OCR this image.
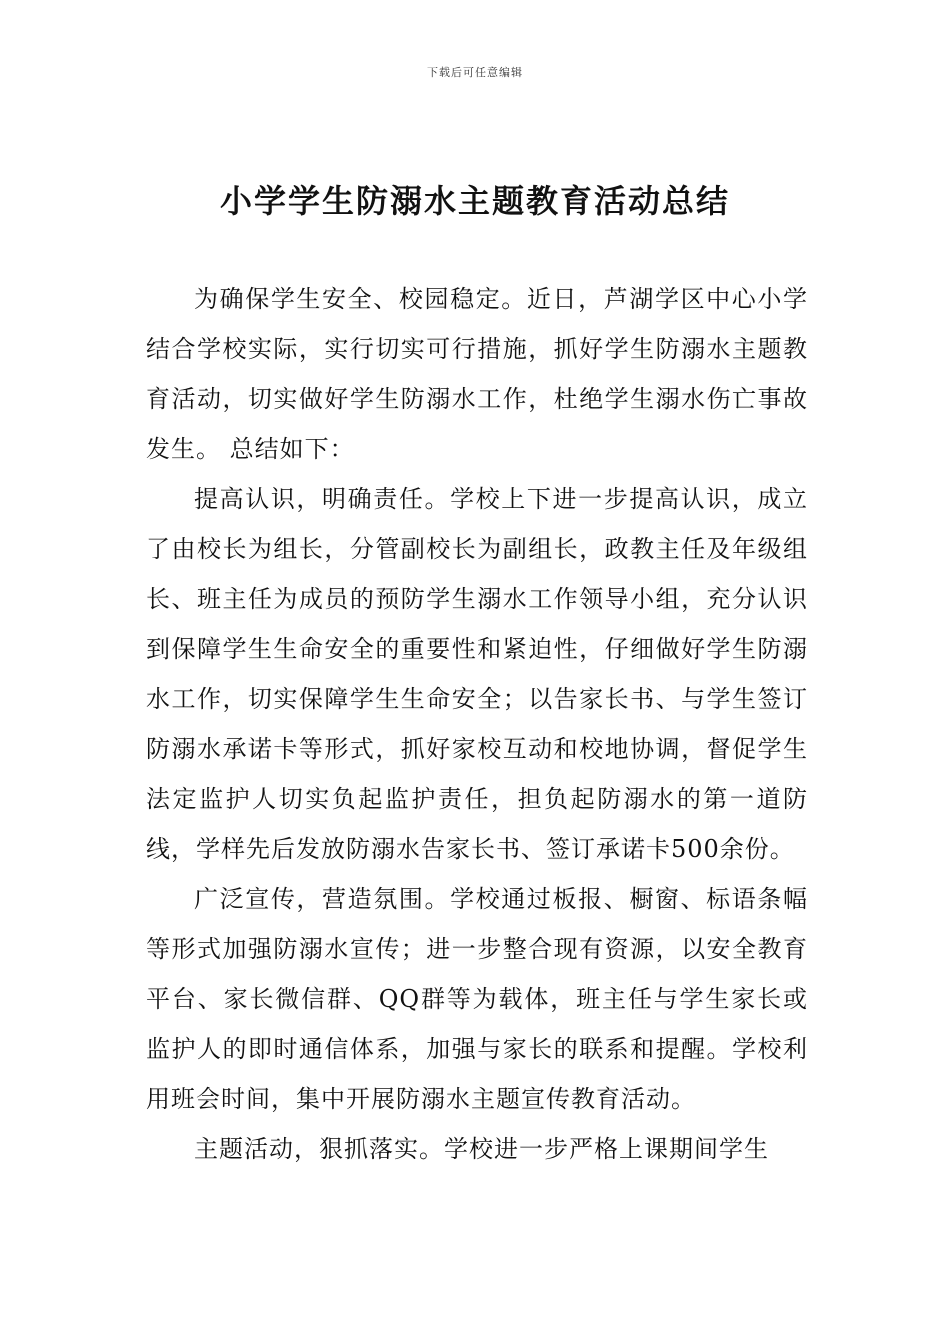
下载后可任意编辑
小学学生防溺水主题教育活动总结

为确保学生安全、校园稳定。近日，芦湖学区中心小学结合学校实际，实行切实可行措施，抓好学生防溺水主题教育活动，切实做好学生防溺水工作，杜绝学生溺水伤亡事故发生。 总结如下：

提高认识，明确责任。学校上下进一步提高认识，成立了由校长为组长，分管副校长为副组长，政教主任及年级组长、班主任为成员的预防学生溺水工作领导小组，充分认识到保障学生生命安全的重要性和紧迫性，仔细做好学生防溺水工作，切实保障学生生命安全；以告家长书、与学生签订防溺水承诺卡等形式，抓好家校互动和校地协调，督促学生法定监护人切实负起监护责任，担负起防溺水的第一道防线，学样先后发放防溺水告家长书、签订承诺卡500余份。

广泛宣传，营造氛围。学校通过板报、橱窗、标语条幅等形式加强防溺水宣传；进一步整合现有资源，以安全教育平台、家长微信群、QQ群等为载体，班主任与学生家长或监护人的即时通信体系，加强与家长的联系和提醒。学校利用班会时间，集中开展防溺水主题宣传教育活动。

主题活动，狠抓落实。学校进一步严格上课期间学生
